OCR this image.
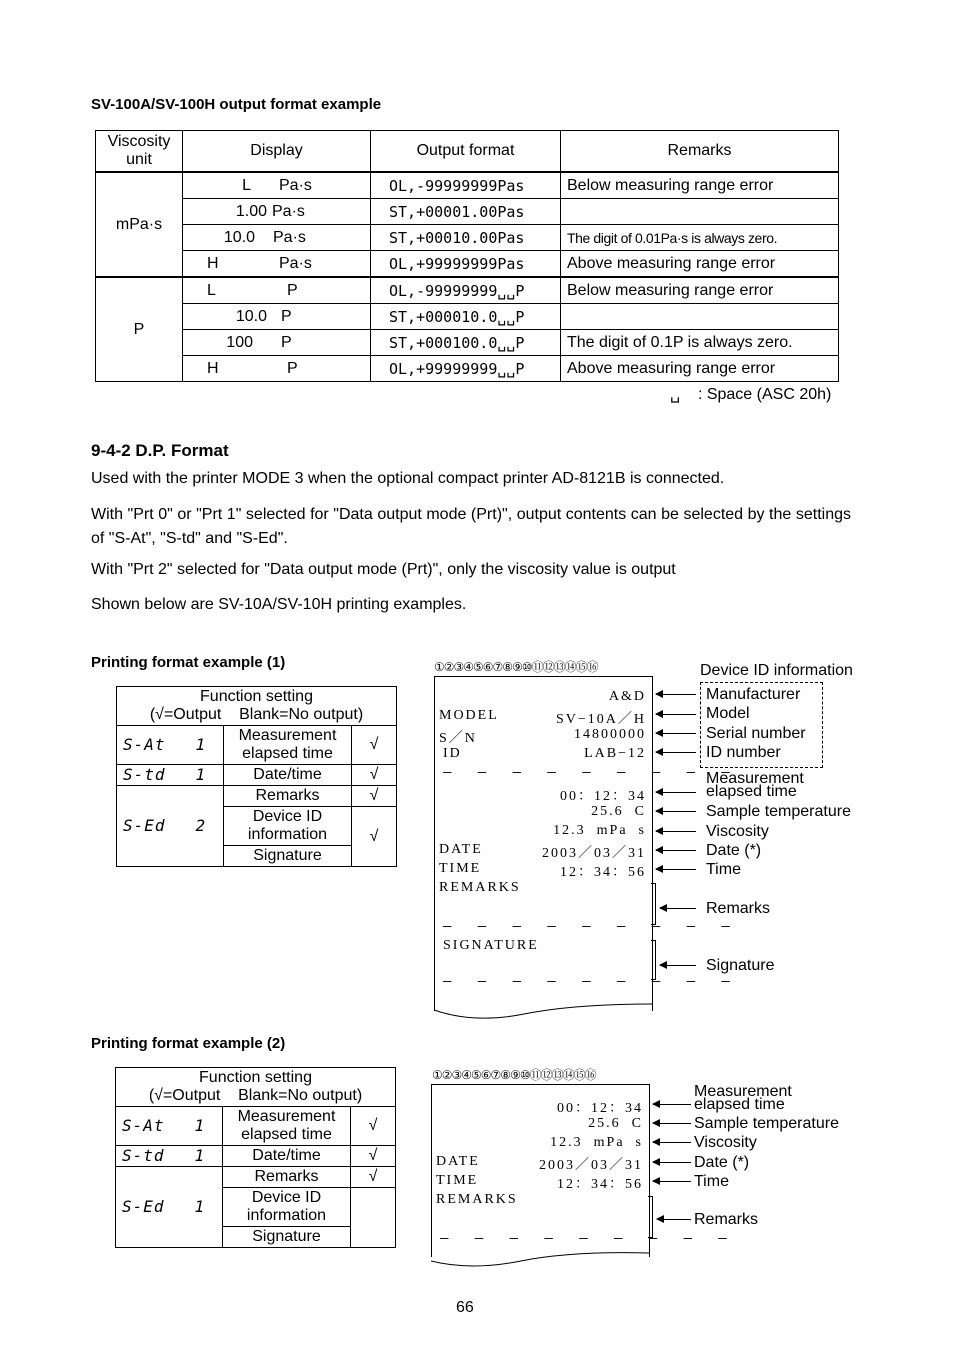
SV-100A/SV-100H output format example
Viscosity unit	Display	Output format	Remarks
mPa·s	L Pa·s	OL,-99999999Pas	Below measuring range error
	1.00 Pa·s	ST,+00001.00Pas	
	10.0 Pa·s	ST,+00010.00Pas	The digit of 0.01Pa·s is always zero.
	H Pa·s	OL,+99999999Pas	Above measuring range error
P	L P	OL,-99999999␣␣P	Below measuring range error
	10.0 P	ST,+000010.0␣␣P	
	100 P	ST,+000100.0␣␣P	The digit of 0.1P is always zero.
	H P	OL,+99999999␣␣P	Above measuring range error
␣    : Space (ASC 20h)
9-4-2 D.P. Format

Used with the printer MODE 3 when the optional compact printer AD-8121B is connected.

With "Prt 0" or "Prt 1" selected for "Data output mode (Prt)", output contents can be selected by the settings of "S-At", "S-td" and "S-Ed".

With "Prt 2" selected for "Data output mode (Prt)", only the viscosity value is output

Shown below are SV-10A/SV-10H printing examples.

Printing format example (1)
Function setting
(√=Output    Blank=No output)		
S-At 1	Measurement elapsed time	√
S-td 1	Date/time	√
S-Ed 2	Remarks	√
	Device ID information	√
	Signature	
①②③④⑤⑥⑦⑧⑨⑩⑪⑫⑬⑭⑮⑯
A&D
MODEL	SV−10A／H
S／N	14800000
ID	LAB−12
— — — — — — — — —
00：12：34
25.6  C
12.3  mPa  s
DATE	2003／03／31
TIME	12：34：56
REMARKS
— — — — — — — — —
SIGNATURE
— — — — — — — — —
Device ID information
Manufacturer
Model
Serial number
ID number
Measurement
elapsed time
Sample temperature
Viscosity
Date (*)
Time
Remarks
Signature
Printing format example (2)
Function setting
(√=Output    Blank=No output)		
S-At 1	Measurement elapsed time	√
S-td 1	Date/time	√
S-Ed 1	Remarks	√
	Device ID information	
	Signature	
①②③④⑤⑥⑦⑧⑨⑩⑪⑫⑬⑭⑮⑯
00：12：34
25.6  C
12.3  mPa  s
DATE	2003／03／31
TIME	12：34：56
REMARKS
— — — — — — — — —
Measurement
elapsed time
Sample temperature
Viscosity
Date (*)
Time
Remarks
66
